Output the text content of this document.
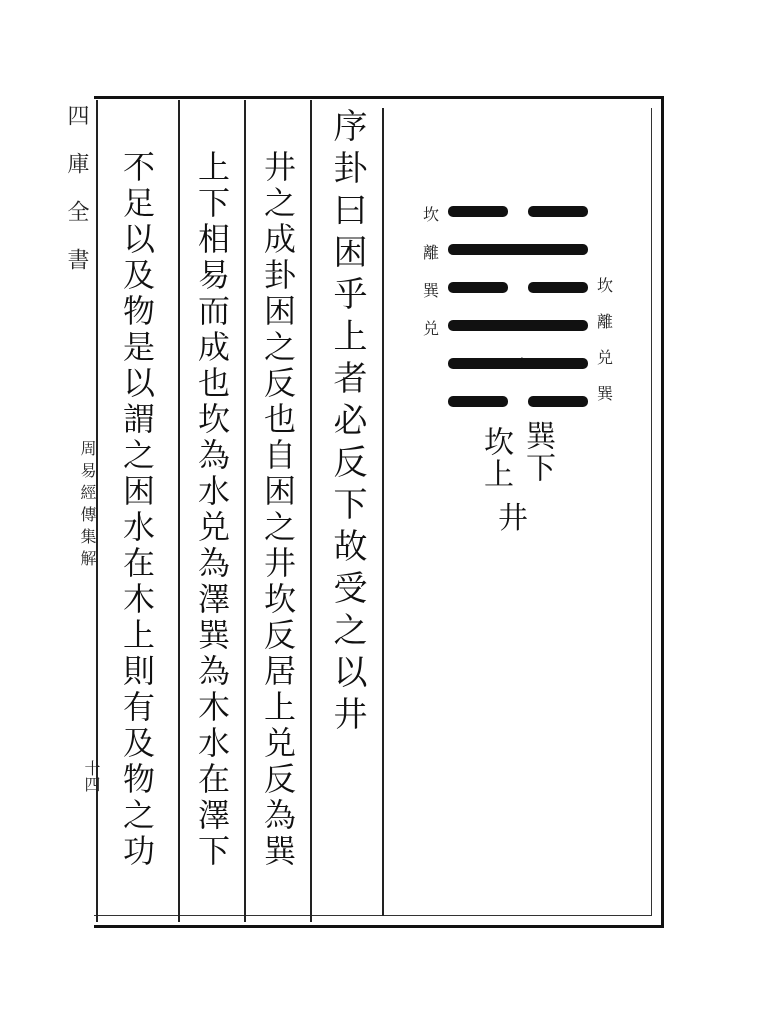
四庫全書
周易經傳集解
十四
序卦曰困乎上者必反下故受之以井
井之成卦困之反也自困之井坎反居上兑反為巽
上下相易而成也坎為水兑為澤巽為木水在澤下
不足以及物是以謂之困水在木上則有及物之功	坎
離
巽
兑
坎
離
兑
巽
乛
巽下
坎上
井
